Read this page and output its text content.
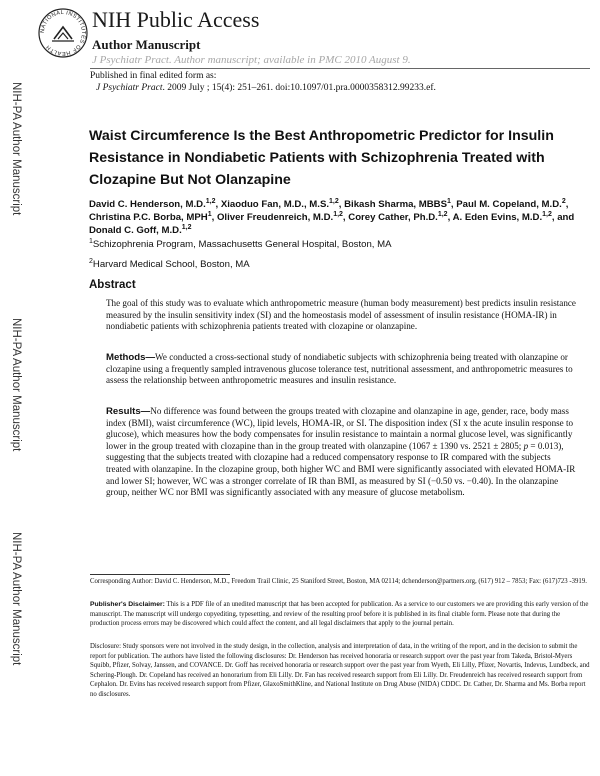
NATIONAL INSTITUTES OF HEALTH
NIH Public Access
Author Manuscript
J Psychiatr Pract. Author manuscript; available in PMC 2010 August 9.
Published in final edited form as:
J Psychiatr Pract. 2009 July ; 15(4): 251–261. doi:10.1097/01.pra.0000358312.99233.ef.
NIH-PA Author Manuscript
NIH-PA Author Manuscript
NIH-PA Author Manuscript
Waist Circumference Is the Best Anthropometric Predictor for Insulin Resistance in Nondiabetic Patients with Schizophrenia Treated with Clozapine But Not Olanzapine
David C. Henderson, M.D.$^{1,2}$, Xiaoduo Fan, M.D., M.S.$^{1,2}$, Bikash Sharma, MBBS$^1$, Paul M. Copeland, M.D.$^2$, Christina P.C. Borba, MPH$^1$, Oliver Freudenreich, M.D.$^{1,2}$, Corey Cather, Ph.D.$^{1,2}$, A. Eden Evins, M.D.$^{1,2}$, and Donald C. Goff, M.D.$^{1,2}$
$^1$Schizophrenia Program, Massachusetts General Hospital, Boston, MA
$^2$Harvard Medical School, Boston, MA
Abstract
The goal of this study was to evaluate which anthropometric measure (human body measurement) best predicts insulin resistance measured by the insulin sensitivity index (SI) and the homeostasis model of assessment of insulin resistance (HOMA-IR) in nondiabetic patients with schizophrenia patients treated with clozapine or olanzapine.
Methods—We conducted a cross-sectional study of nondiabetic subjects with schizophrenia being treated with olanzapine or clozapine using a frequently sampled intravenous glucose tolerance test, nutritional assessment, and anthropometric measures to assess the relationship between anthropometric measures and insulin resistance.
Results—No difference was found between the groups treated with clozapine and olanzapine in age, gender, race, body mass index (BMI), waist circumference (WC), lipid levels, HOMA-IR, or SI. The disposition index (SI x the acute insulin response to glucose), which measures how the body compensates for insulin resistance to maintain a normal glucose level, was significantly lower in the group treated with clozapine than in the group treated with olanzapine (1067 ± 1390 vs. 2521 ± 2805; p = 0.013), suggesting that the subjects treated with clozapine had a reduced compensatory response to IR compared with the subjects treated with olanzapine. In the clozapine group, both higher WC and BMI were significantly associated with elevated HOMA-IR and lower SI; however, WC was a stronger correlate of IR than BMI, as measured by SI (−0.50 vs. −0.40). In the olanzapine group, neither WC nor BMI was significantly associated with any measure of glucose metabolism.
Corresponding Author: David C. Henderson, M.D., Freedom Trail Clinic, 25 Staniford Street, Boston, MA 02114; dchenderson@partners.org, (617) 912 – 7853; Fax: (617)723 -3919.
Publisher's Disclaimer: This is a PDF file of an unedited manuscript that has been accepted for publication. As a service to our customers we are providing this early version of the manuscript. The manuscript will undergo copyediting, typesetting, and review of the resulting proof before it is published in its final citable form. Please note that during the production process errors may be discovered which could affect the content, and all legal disclaimers that apply to the journal pertain.
Disclosure: Study sponsors were not involved in the study design, in the collection, analysis and interpretation of data, in the writing of the report, and in the decision to submit the report for publication. The authors have listed the following disclosures: Dr. Henderson has received honoraria or research support over the past year from Takeda, Bristol-Myers Squibb, Pfizer, Solvay, Janssen, and COVANCE. Dr. Goff has received honoraria or research support over the past year from Wyeth, Eli Lilly, Pfizer, Novartis, Indevus, Lundbeck, and Schering-Plough. Dr. Copeland has received an honorarium from Eli Lilly. Dr. Fan has received research support from Eli Lilly. Dr. Freudenreich has received research support from Cephalon. Dr. Evins has received research support from Pfizer, GlaxoSmithKline, and National Institute on Drug Abuse (NIDA) CDDC. Dr. Cather, Dr. Sharma and Ms. Borba report no disclosures.
